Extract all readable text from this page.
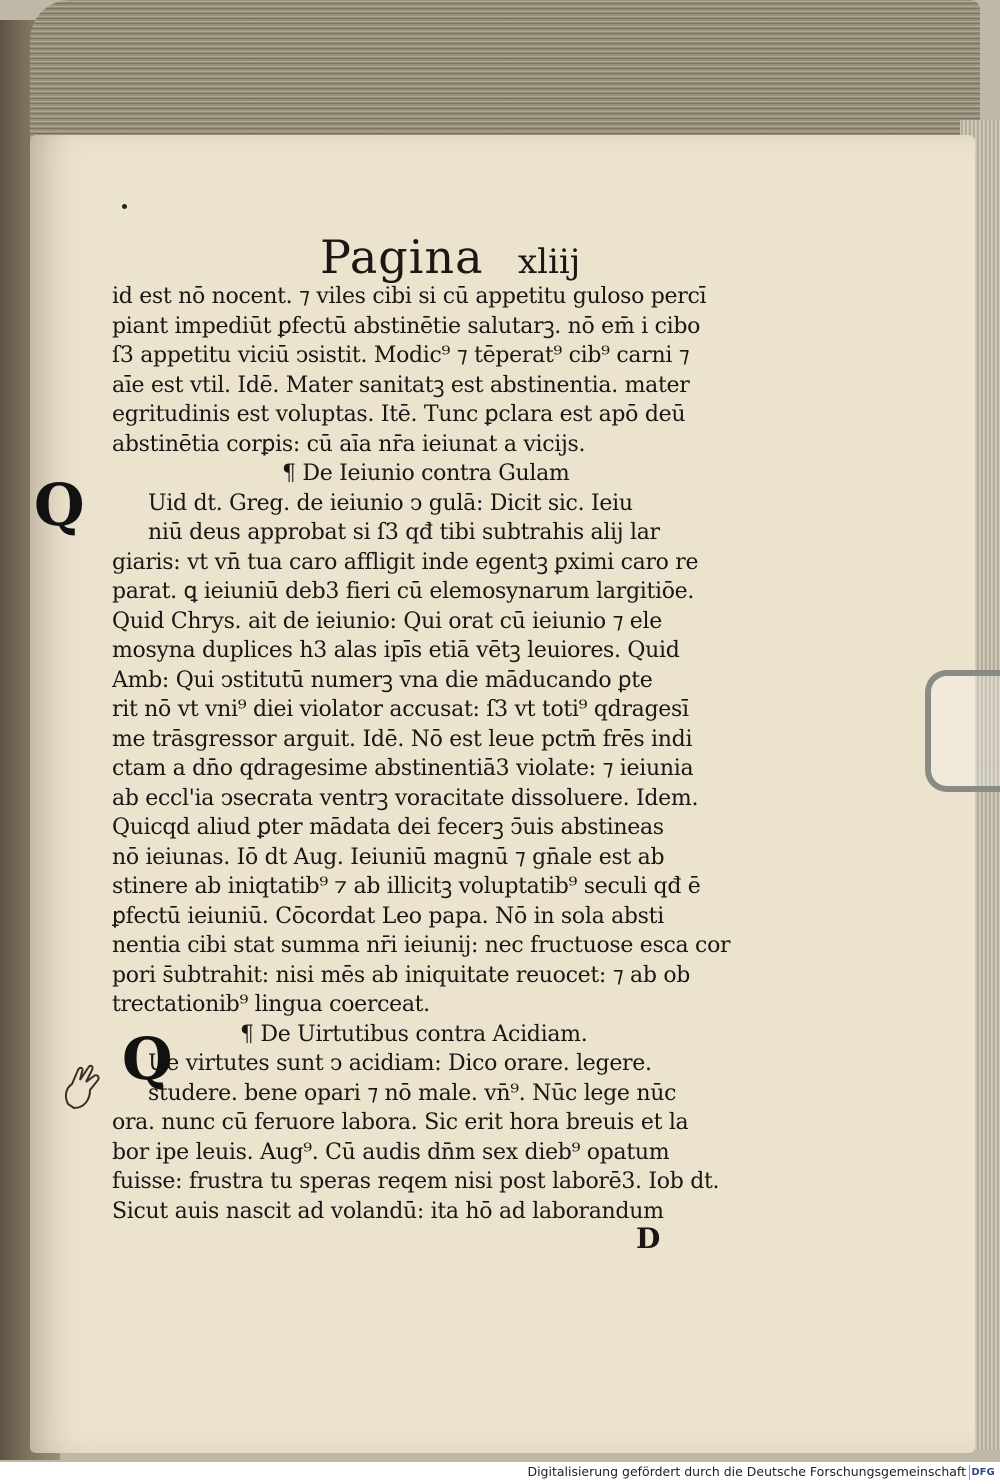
Pagina xliij
id est nō nocent. ⁊ viles cibi si cū appetitu guloso percī
piant impediūt ꝑfectū abstinētie salutarꝫ. nō em̄ i cibo
ſ3 appetitu viciū ↄsistit. Modic⁹ ⁊ tēperat⁹ cib⁹ carni ⁊
aīe est vtil. Idē. Mater sanitatꝫ est abstinentia. mater
egritudinis est voluptas. Itē. Tunc ꝑclara est apō deū
abstinētia corꝑis: cū aīa nr̄a ieiunat a vicijs.
¶ De Ieiunio contra Gulam
Uid dt. Greg. de ieiunio ↄ gulā: Dicit sic. Ieiu
niū deus approbat si ſ3 qđ tibi subtrahis alij lar
giaris: vt vn̄ tua caro affligit inde egentꝫ ꝑximi caro re
parat. ꝗ ieiuniū deb3 fieri cū elemosynarum largitiōe.
Quid Chrys. ait de ieiunio: Qui orat cū ieiunio ⁊ ele
mosyna duplices h3 alas ipīs etiā vētꝫ leuiores. Quid
Amb: Qui ↄstitutū numerꝫ vna die māducando ꝑte
rit nō vt vni⁹ diei violator accusat: ſ3 vt toti⁹ qdragesī
me trāsgressor arguit. Idē. Nō est leue pctm̄ frēs indi
ctam a dn̄o qdragesime abstinentiā3 violate: ⁊ ieiunia
ab eccl'ia ↄsecrata ventrꝫ voracitate dissoluere. Idem.
Quicqd aliud ꝑter mādata dei fecerꝫ ↄ̄uis abstineas
nō ieiunas. Iō dt Aug. Ieiuniū magnū ⁊ gn̄ale est ab
stinere ab iniqtatib⁹ ⁊ ab illicitꝫ voluptatib⁹ seculi qđ ē
ꝑfectū ieiuniū. Cōcordat Leo papa. Nō in sola absti
nentia cibi stat summa nr̄i ieiunij: nec fructuose esca cor
pori s̄ubtrahit: nisi mēs ab iniquitate reuocet: ⁊ ab ob
trectationib⁹ lingua coerceat.
¶ De Uirtutibus contra Acidiam.
Ue virtutes sunt ↄ acidiam: Dico orare. legere.
studere. bene opari ⁊ nō male. vn̄⁹. Nūc lege nūc
ora. nunc cū feruore labora. Sic erit hora breuis et la
bor ipe leuis. Aug⁹. Cū audis dn̄m sex dieb⁹ opatum
fuisse: frustra tu speras reqem nisi post laborē3. Iob dt.
Sicut auis nascit ad volandū: ita hō ad laborandum
Q
Q
D
Digitalisierung gefördert durch die Deutsche Forschungsgemeinschaft DFG
